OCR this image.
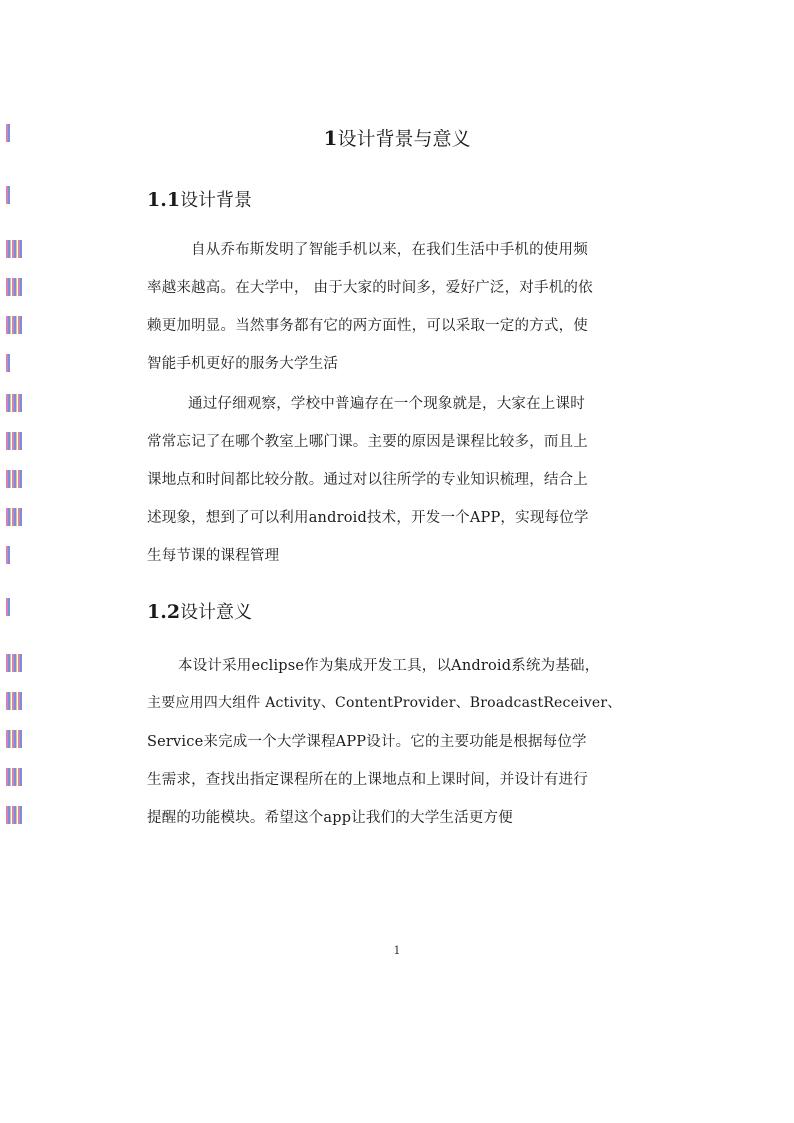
1设计背景与意义
1.1设计背景
自从乔布斯发明了智能手机以来，在我们生活中手机的使用频
率越来越高。在大学中， 由于大家的时间多，爱好广泛，对手机的依
赖更加明显。当然事务都有它的两方面性，可以采取一定的方式，使
智能手机更好的服务大学生活
通过仔细观察，学校中普遍存在一个现象就是，大家在上课时
常常忘记了在哪个教室上哪门课。主要的原因是课程比较多，而且上
课地点和时间都比较分散。通过对以往所学的专业知识梳理，结合上
述现象，想到了可以利用android技术，开发一个APP，实现每位学
生每节课的课程管理
1.2设计意义
本设计采用eclipse作为集成开发工具，以Android系统为基础，
主要应用四大组件 Activity、ContentProvider、BroadcastReceiver、
Service来完成一个大学课程APP设计。它的主要功能是根据每位学
生需求，查找出指定课程所在的上课地点和上课时间，并设计有进行
提醒的功能模块。希望这个app让我们的大学生活更方便
1
